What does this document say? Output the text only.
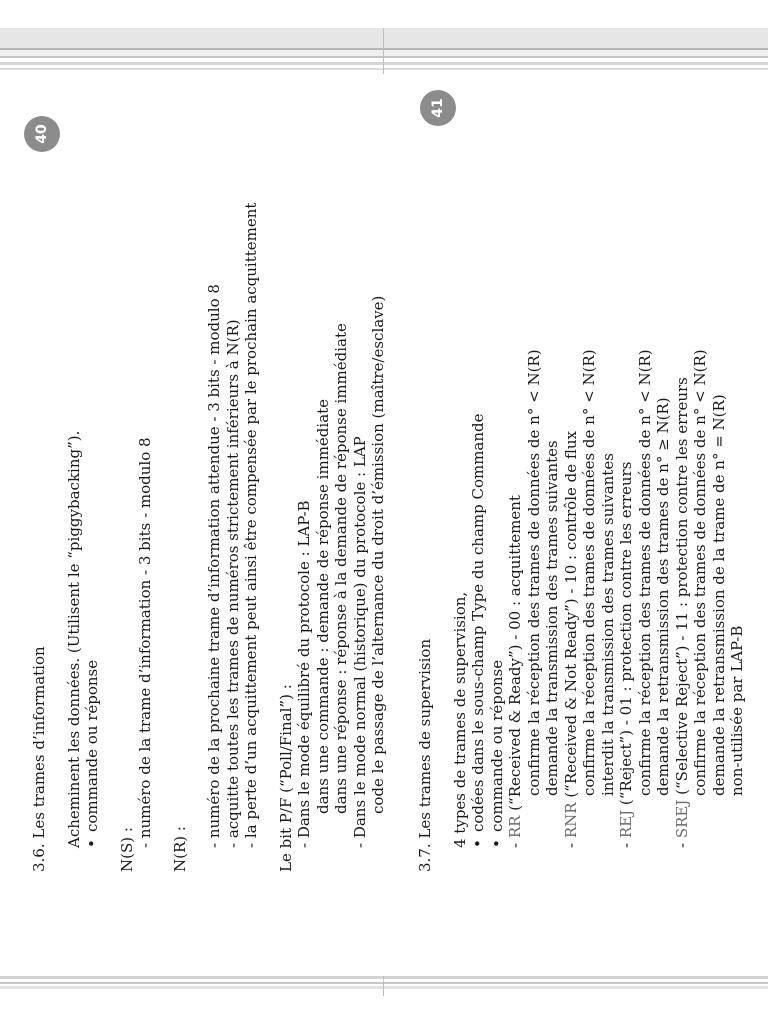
40
3.6. Les trames d’information Acheminent les données. (Utilisent le “piggybacking”). •commande ou réponse
N(S) :
- numéro de la trame d’information - 3 bits - modulo 8
N(R) :
- numéro de la prochaine trame d’information attendue - 3 bits - modulo 8 - acquitte toutes les trames de numéros strictement inférieurs à N(R) - la perte d’un acquittement peut ainsi être compensée par le prochain acquittement Le bit P/F (“Poll/Final”) : - Dans le mode équilibré du protocole : LAP-B dans une commande : demande de réponse immédiate dans une réponse : réponse à la demande de réponse immédiate - Dans le mode normal (historique) du protocole : LAP code le passage de l’alternance du droit d’émission (maître/esclave)
41
3.7. Les trames de supervision 4 types de trames de supervision, •codées dans le sous-champ Type du champ Commande
•commande ou réponse
- RR (“Received & Ready”) - 00 : acquittement confirme la réception des trames de données de n° < N(R) demande la transmission des trames suivantes
- RNR (“Received & Not Ready”) - 10 : contrôle de flux confirme la réception des trames de données de n° < N(R) interdit la transmission des trames suivantes
- REJ (“Reject”) - 01 : protection contre les erreurs confirme la réception des trames de données de n° < N(R) demande la retransmission des trames de n° ≥ N(R)
- SREJ (“Selective Reject”) - 11 : protection contre les erreurs confirme la réception des trames de données de n° < N(R) demande la retransmission de la trame de n° = N(R) non-utilisée par LAP-B
